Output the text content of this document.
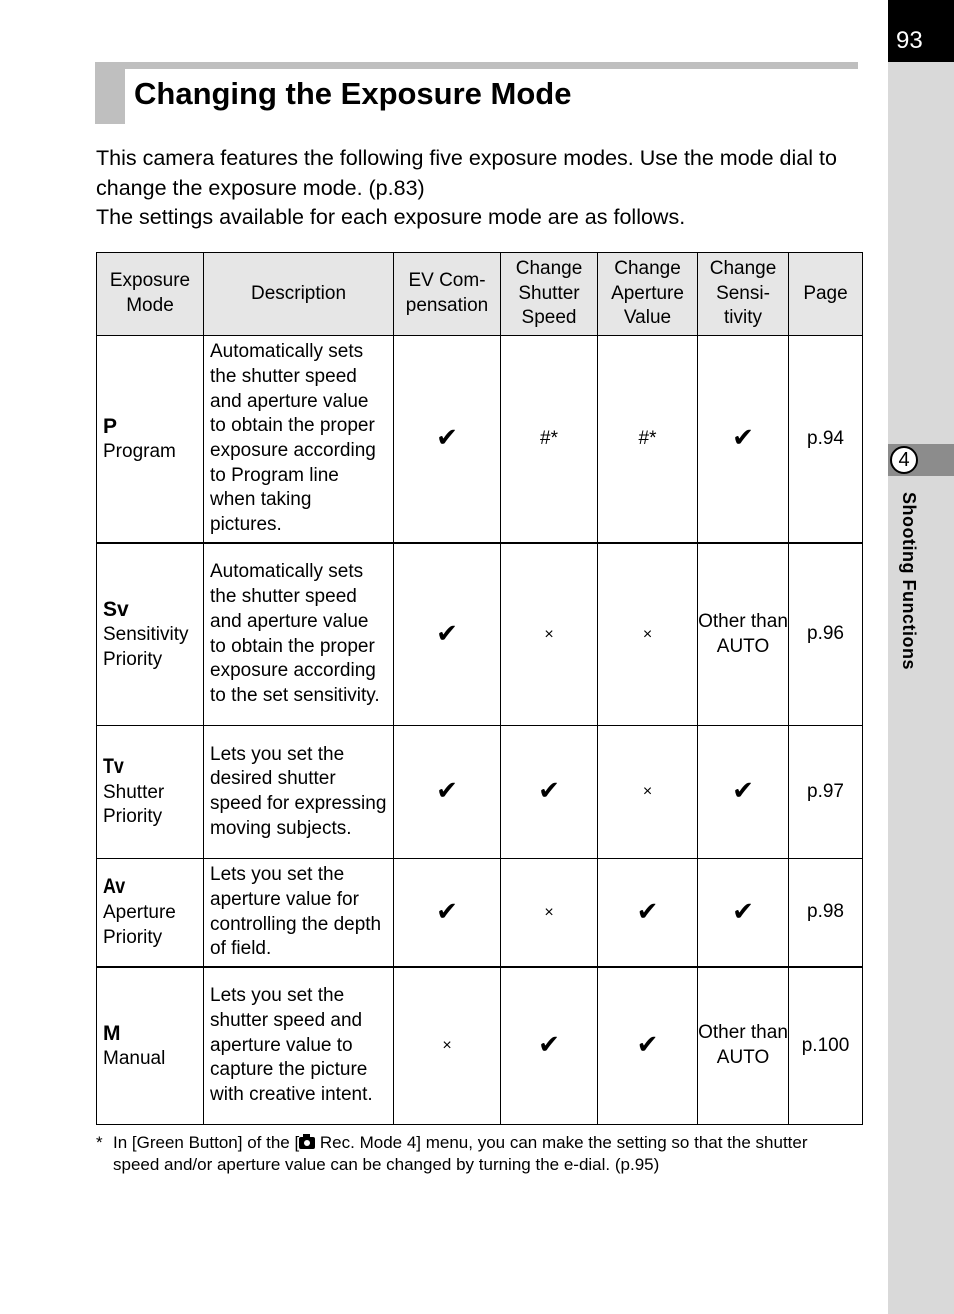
93
4
Shooting Functions
Changing the Exposure Mode

This camera features the following five exposure modes. Use the mode dial to change the exposure mode. (p.83)

The settings available for each exposure mode are as follows.

Exposure Mode	Description	EV Com-pensation	Change Shutter Speed	Change Aperture Value	Change Sensi-tivity	Page

P
Program	Automatically sets the shutter speed and aperture value to obtain the proper exposure according to Program line when taking pictures.	✔	#*	#*	✔	p.94

Sv
Sensitivity Priority	Automatically sets the shutter speed and aperture value to obtain the proper exposure according to the set sensitivity.	✔	×	×	Other than AUTO	p.96
Tv
Shutter Priority	Lets you set the desired shutter speed for expressing moving subjects.	✔	✔	×	✔	p.97
Av
Aperture Priority	Lets you set the aperture value for controlling the depth of field.	✔	×	✔	✔	p.98

M
Manual	Lets you set the shutter speed and aperture value to capture the picture with creative intent.	×	✔	✔	Other than AUTO	p.100
* In [Green Button] of the [ Rec. Mode 4] menu, you can make the setting so that the shutter speed and/or aperture value can be changed by turning the e-dial. (p.95)
